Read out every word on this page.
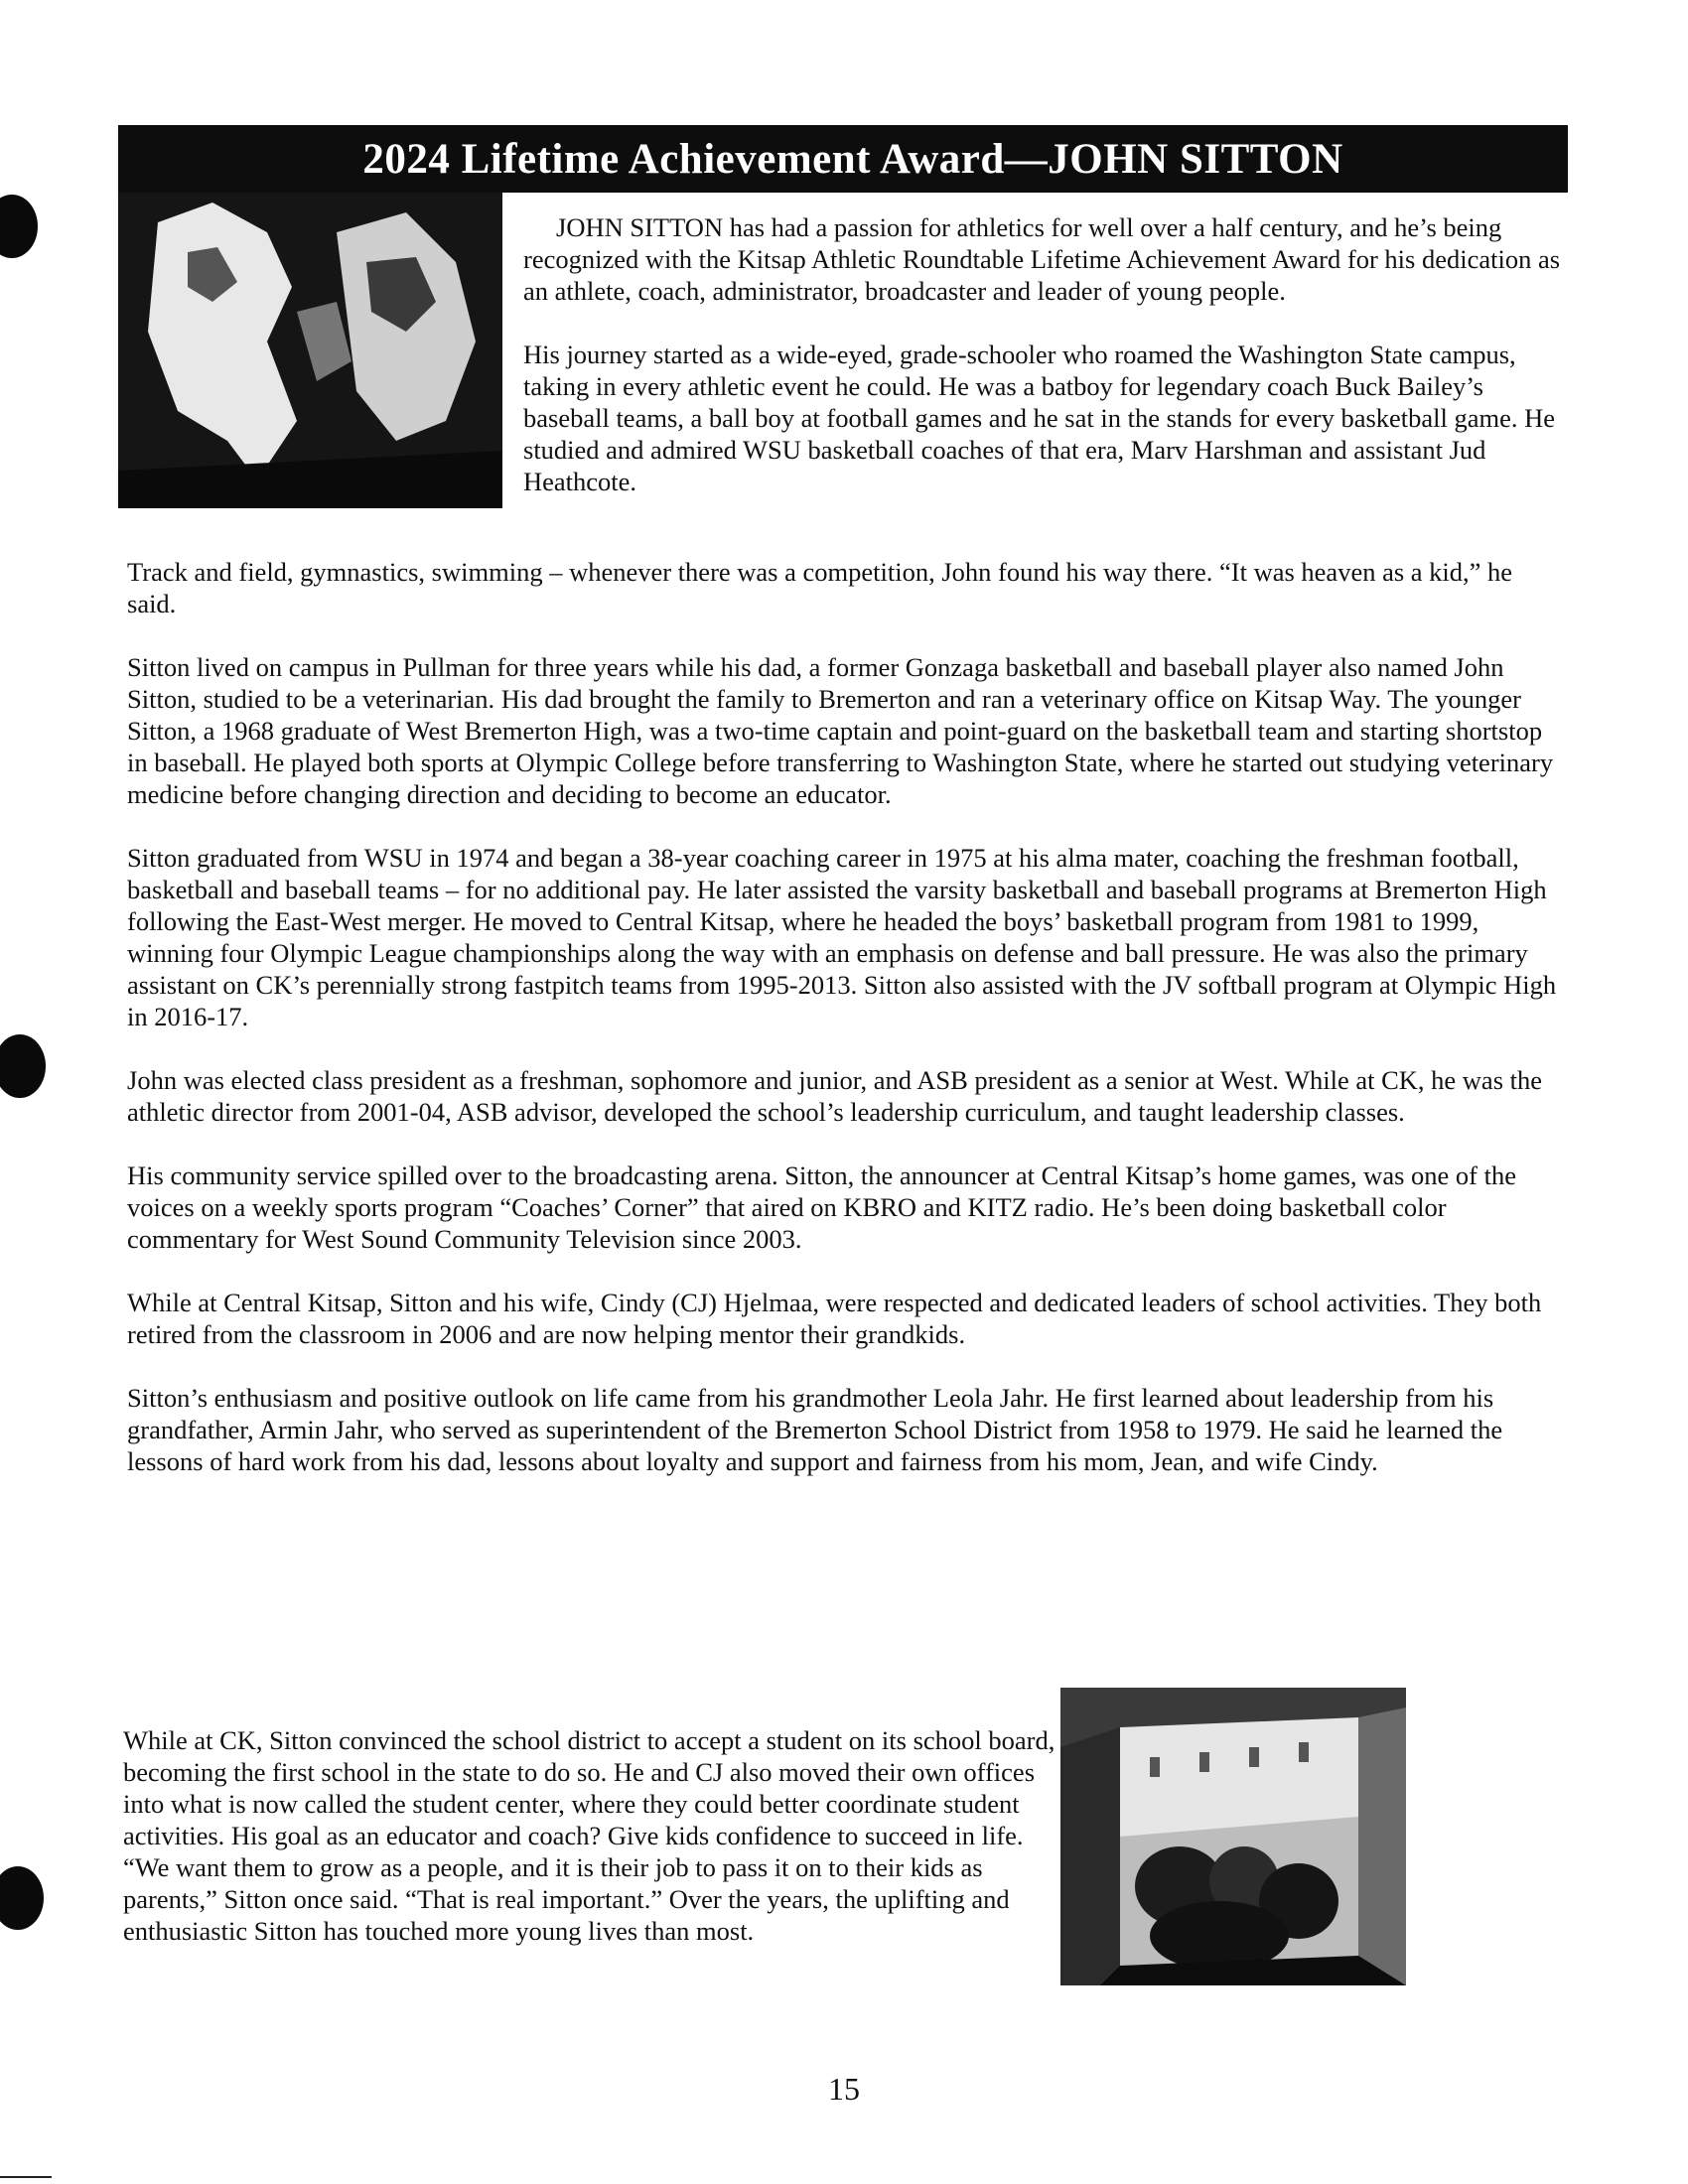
2024 Lifetime Achievement Award—JOHN SITTON

JOHN SITTON has had a passion for athletics for well over a half century, and he’s being recognized with the Kitsap Athletic Roundtable Lifetime Achievement Award for his dedication as an athlete, coach, administrator, broadcaster and leader of young people.

His journey started as a wide-eyed, grade-schooler who roamed the Washington State campus, taking in every athletic event he could. He was a batboy for legendary coach Buck Bailey’s baseball teams, a ball boy at football games and he sat in the stands for every basketball game. He studied and admired WSU basketball coaches of that era, Marv Harshman and assistant Jud Heathcote.

Track and field, gymnastics, swimming – whenever there was a competition, John found his way there. “It was heaven as a kid,” he said.

Sitton lived on campus in Pullman for three years while his dad, a former Gonzaga basketball and baseball player also named John Sitton, studied to be a veterinarian. His dad brought the family to Bremerton and ran a veterinary office on Kitsap Way. The younger Sitton, a 1968 graduate of West Bremerton High, was a two-time captain and point-guard on the basketball team and starting shortstop in baseball. He played both sports at Olympic College before transferring to Washington State, where he started out studying veterinary medicine before changing direction and deciding to become an educator.

Sitton graduated from WSU in 1974 and began a 38-year coaching career in 1975 at his alma mater, coaching the freshman football, basketball and baseball teams – for no additional pay. He later assisted the varsity basketball and baseball programs at Bremerton High following the East-West merger. He moved to Central Kitsap, where he headed the boys’ basketball program from 1981 to 1999, winning four Olympic League championships along the way with an emphasis on defense and ball pressure. He was also the primary assistant on CK’s perennially strong fastpitch teams from 1995-2013. Sitton also assisted with the JV softball program at Olympic High in 2016-17.

John was elected class president as a freshman, sophomore and junior, and ASB president as a senior at West. While at CK, he was the athletic director from 2001-04, ASB advisor, developed the school’s leadership curriculum, and taught leadership classes.

His community service spilled over to the broadcasting arena. Sitton, the announcer at Central Kitsap’s home games, was one of the voices on a weekly sports program “Coaches’ Corner” that aired on KBRO and KITZ radio. He’s been doing basketball color commentary for West Sound Community Television since 2003.

While at Central Kitsap, Sitton and his wife, Cindy (CJ) Hjelmaa, were respected and dedicated leaders of school activities. They both retired from the classroom in 2006 and are now helping mentor their grandkids.

Sitton’s enthusiasm and positive outlook on life came from his grandmother Leola Jahr. He first learned about leadership from his grandfather, Armin Jahr, who served as superintendent of the Bremerton School District from 1958 to 1979. He said he learned the lessons of hard work from his dad, lessons about loyalty and support and fairness from his mom, Jean, and wife Cindy.

While at CK, Sitton convinced the school district to accept a student on its school board, becoming the first school in the state to do so. He and CJ also moved their own offices into what is now called the student center, where they could better coordinate student activities. His goal as an educator and coach? Give kids confidence to succeed in life. “We want them to grow as a people, and it is their job to pass it on to their kids as parents,” Sitton once said. “That is real important.” Over the years, the uplifting and enthusiastic Sitton has touched more young lives than most.

15
